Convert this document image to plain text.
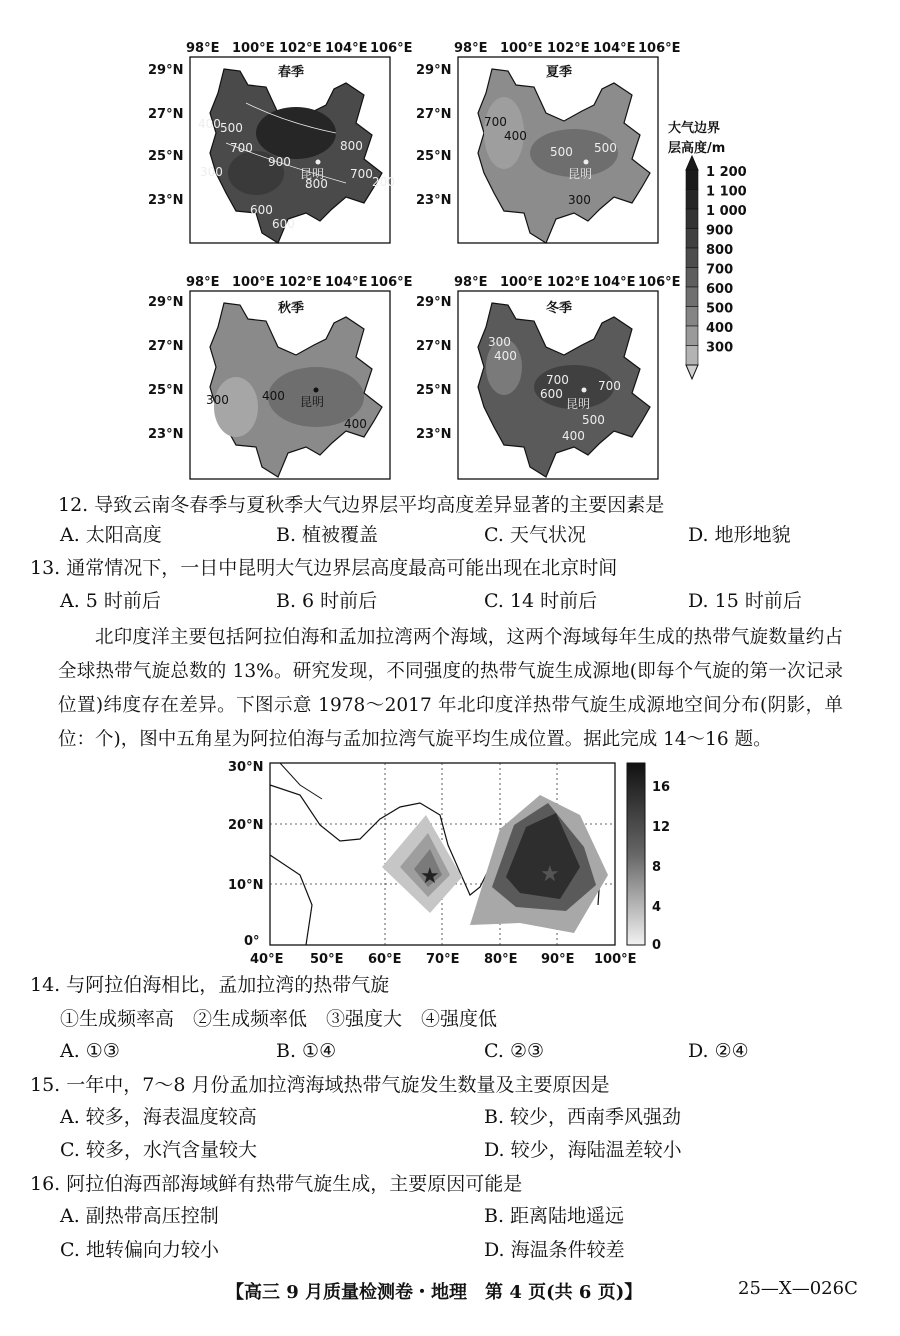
春季
400 500
700
900
800
800
700
600
200
600
300	昆明
98°E 100°E 102°E 104°E 106°E
29°N
27°N
25°N
23°N
夏季
700
400
500 500
300
昆明
98°E 100°E 102°E 104°E 106°E
29°N
27°N
25°N
23°N
秋季
300	400
400
昆明
98°E 100°E 102°E 104°E 106°E
29°N
27°N
25°N
23°N
冬季
300
400
700
600
700
500
400
昆明
98°E 100°E 102°E 104°E 106°E
29°N
27°N
25°N
23°N
大气边界
层高度/m
1 200
1 100
1 000
900
800
700
600
500
400
300
12. 导致云南冬春季与夏秋季大气边界层平均高度差异显著的主要因素是
A. 太阳高度	B. 植被覆盖	C. 天气状况	D. 地形地貌
13. 通常情况下，一日中昆明大气边界层高度最高可能出现在北京时间
A. 5 时前后	B. 6 时前后	C. 14 时前后	D. 15 时前后
北印度洋主要包括阿拉伯海和孟加拉湾两个海域，这两个海域每年生成的热带气旋数量约占全球热带气旋总数的 13%。研究发现，不同强度的热带气旋生成源地(即每个气旋的第一次记录位置)纬度存在差异。下图示意 1978～2017 年北印度洋热带气旋生成源地空间分布(阴影，单位：个)，图中五角星为阿拉伯海与孟加拉湾气旋平均生成位置。据此完成 14～16 题。
★	★
16
12
8
4
0
30°N
20°N
10°N
0°
40°E 50°E 60°E 70°E 80°E 90°E 100°E
14. 与阿拉伯海相比，孟加拉湾的热带气旋
①生成频率高　②生成频率低　③强度大　④强度低
A. ①③	B. ①④	C. ②③	D. ②④
15. 一年中，7～8 月份孟加拉湾海域热带气旋发生数量及主要原因是
A. 较多，海表温度较高	B. 较少，西南季风强劲
C. 较多，水汽含量较大	D. 较少，海陆温差较小
16. 阿拉伯海西部海域鲜有热带气旋生成，主要原因可能是
A. 副热带高压控制	B. 距离陆地遥远
C. 地转偏向力较小	D. 海温条件较差
【高三 9 月质量检测卷・地理　第 4 页(共 6 页)】	25—X—026C
